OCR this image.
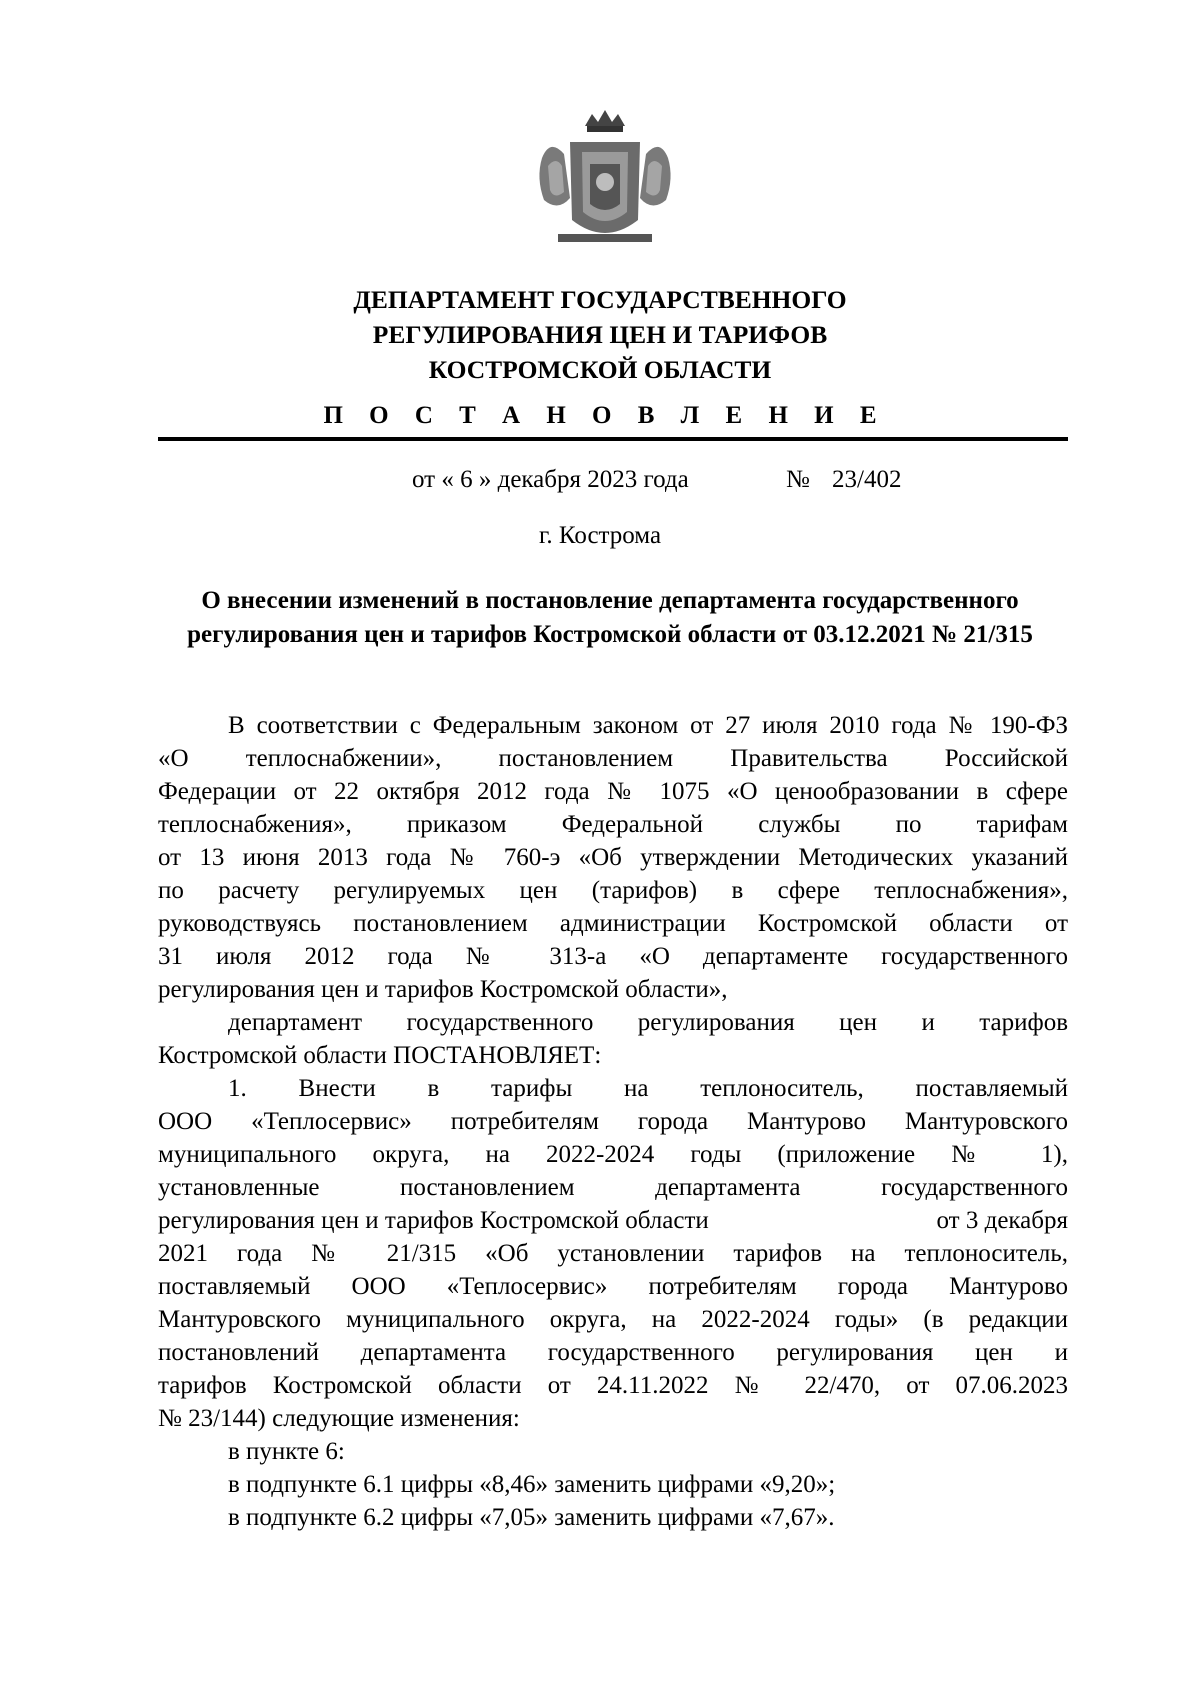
ДЕПАРТАМЕНТ ГОСУДАРСТВЕННОГО
РЕГУЛИРОВАНИЯ ЦЕН И ТАРИФОВ
КОСТРОМСКОЙ ОБЛАСТИ
П О С Т А Н О В Л Е Н И Е
от « 6 » декабря 2023 года	№ 23/402
г. Кострома
О внесении изменений в постановление департамента государственного
регулирования цен и тарифов Костромской области от 03.12.2021 № 21/315
В соответствии с Федеральным законом от 27 июля 2010 года № 190-ФЗ
«О теплоснабжении», постановлением Правительства Российской
Федерации от 22 октября 2012 года № 1075 «О ценообразовании в сфере
теплоснабжения», приказом Федеральной службы по тарифам
от 13 июня 2013 года № 760-э «Об утверждении Методических указаний
по расчету регулируемых цен (тарифов) в сфере теплоснабжения»,
руководствуясь постановлением администрации Костромской области от
31 июля 2012 года № 313-а «О департаменте государственного
регулирования цен и тарифов Костромской области»,
департамент государственного регулирования цен и тарифов
Костромской области ПОСТАНОВЛЯЕТ:
1. Внести в тарифы на теплоноситель, поставляемый
ООО «Теплосервис» потребителям города Мантурово Мантуровского
муниципального округа, на 2022-2024 годы (приложение № 1),
установленные постановлением департамента государственного
регулирования цен и тарифов Костромской области	от 3 декабря
2021 года № 21/315 «Об установлении тарифов на теплоноситель,
поставляемый ООО «Теплосервис» потребителям города Мантурово
Мантуровского муниципального округа, на 2022-2024 годы» (в редакции
постановлений департамента государственного регулирования цен и
тарифов Костромской области от 24.11.2022 № 22/470, от 07.06.2023
№ 23/144) следующие изменения:
в пункте 6:
в подпункте 6.1 цифры «8,46» заменить цифрами «9,20»;
в подпункте 6.2 цифры «7,05» заменить цифрами «7,67».
